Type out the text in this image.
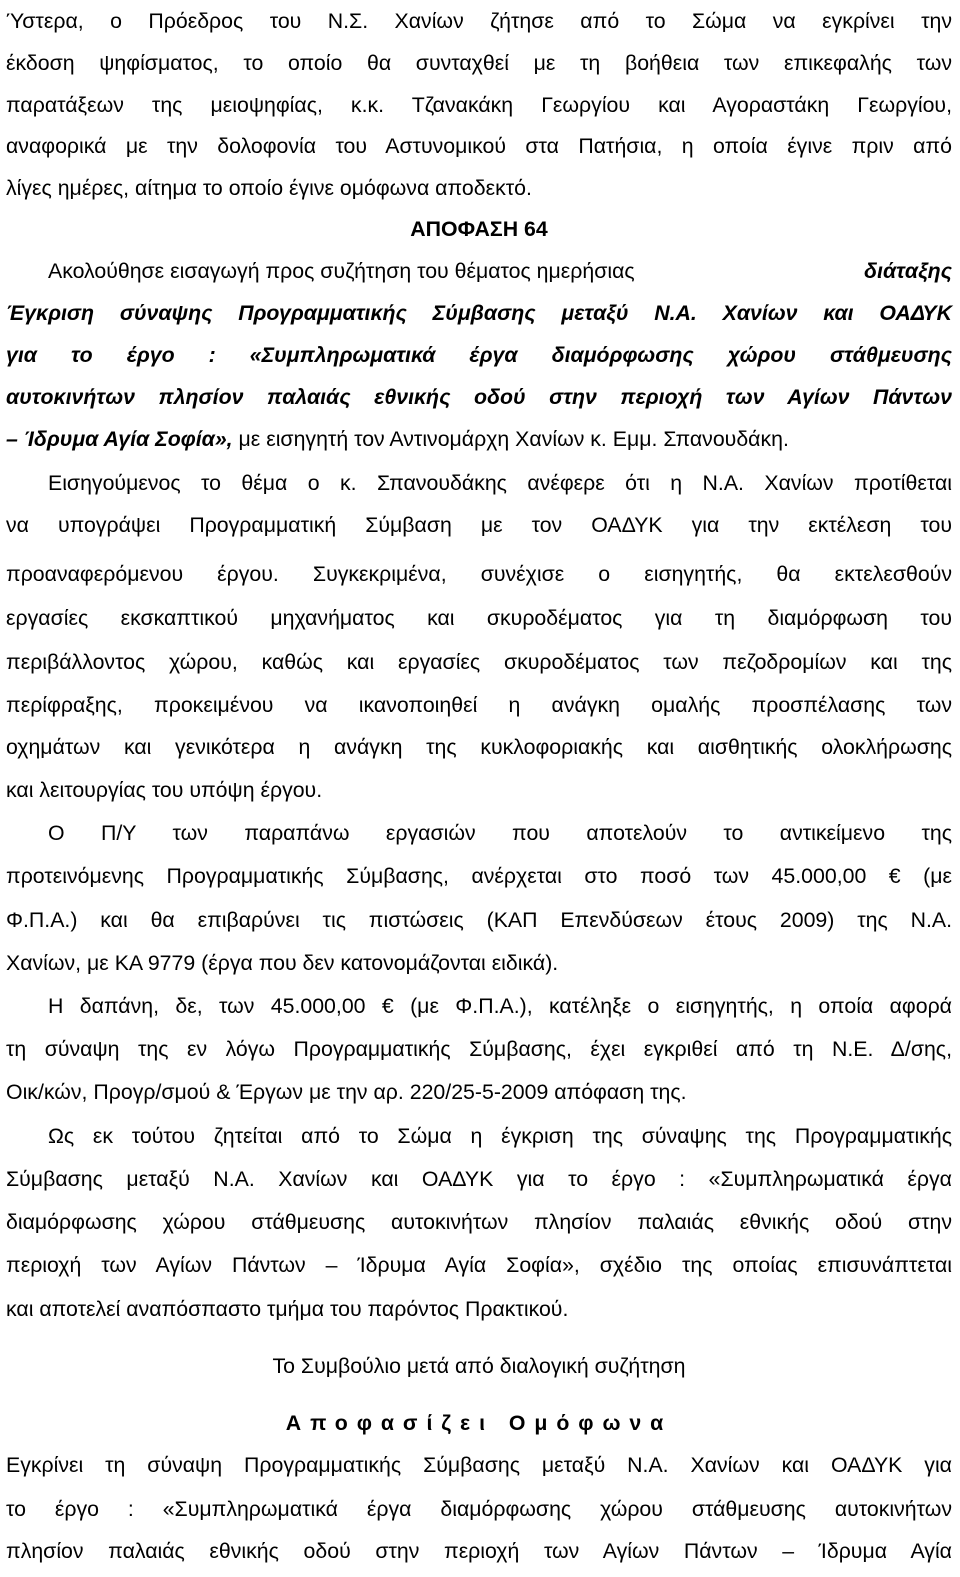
Ύστερα, ο Πρόεδρος του Ν.Σ. Χανίων ζήτησε από το Σώμα να εγκρίνει την
έκδοση ψηφίσματος, το οποίο θα συνταχθεί με τη βοήθεια των επικεφαλής των
παρατάξεων της μειοψηφίας, κ.κ. Τζανακάκη Γεωργίου και Αγοραστάκη Γεωργίου,
αναφορικά με την δολοφονία του Αστυνομικού στα Πατήσια, η οποία έγινε πριν από
λίγες ημέρες, αίτημα το οποίο έγινε ομόφωνα αποδεκτό.
ΑΠΟΦΑΣΗ 64
Ακολούθησε εισαγωγή προς συζήτηση του θέματος ημερήσιας	διάταξης
Έγκριση σύναψης Προγραμματικής Σύμβασης μεταξύ Ν.Α. Χανίων και ΟΑΔΥΚ
για το έργο : «Συμπληρωματικά έργα διαμόρφωσης χώρου στάθμευσης
αυτοκινήτων πλησίον παλαιάς εθνικής οδού στην περιοχή των Αγίων Πάντων
– Ίδρυμα Αγία Σοφία», με εισηγητή τον Αντινομάρχη Χανίων κ. Εμμ. Σπανουδάκη.
Εισηγούμενος το θέμα ο κ. Σπανουδάκης ανέφερε ότι η Ν.Α. Χανίων προτίθεται
να υπογράψει Προγραμματική Σύμβαση με τον ΟΑΔΥΚ για την εκτέλεση του
προαναφερόμενου έργου. Συγκεκριμένα, συνέχισε ο εισηγητής, θα εκτελεσθούν
εργασίες εκσκαπτικού μηχανήματος και σκυροδέματος για τη διαμόρφωση του
περιβάλλοντος χώρου, καθώς και εργασίες σκυροδέματος των πεζοδρομίων και της
περίφραξης, προκειμένου να ικανοποιηθεί η ανάγκη ομαλής προσπέλασης των
οχημάτων και γενικότερα η ανάγκη της κυκλοφοριακής και αισθητικής ολοκλήρωσης
και λειτουργίας του υπόψη έργου.
Ο Π/Υ των παραπάνω εργασιών που αποτελούν το αντικείμενο της
προτεινόμενης Προγραμματικής Σύμβασης, ανέρχεται στο ποσό των 45.000,00 € (με
Φ.Π.Α.) και θα επιβαρύνει τις πιστώσεις (ΚΑΠ Επενδύσεων έτους 2009) της Ν.Α.
Χανίων, με ΚΑ 9779 (έργα που δεν κατονομάζονται ειδικά).
Η δαπάνη, δε, των 45.000,00 € (με Φ.Π.Α.), κατέληξε ο εισηγητής, η οποία αφορά
τη σύναψη της εν λόγω Προγραμματικής Σύμβασης, έχει εγκριθεί από τη Ν.Ε. Δ/σης,
Οικ/κών, Προγρ/σμού & Έργων με την αρ. 220/25-5-2009 απόφαση της.
Ως εκ τούτου ζητείται από το Σώμα η έγκριση της σύναψης της Προγραμματικής
Σύμβασης μεταξύ Ν.Α. Χανίων και ΟΑΔΥΚ για το έργο : «Συμπληρωματικά έργα
διαμόρφωσης χώρου στάθμευσης αυτοκινήτων πλησίον παλαιάς εθνικής οδού στην
περιοχή των Αγίων Πάντων – Ίδρυμα Αγία Σοφία», σχέδιο της οποίας επισυνάπτεται
και αποτελεί αναπόσπαστο τμήμα του παρόντος Πρακτικού.
Το Συμβούλιο μετά από διαλογική συζήτηση
Αποφασίζει Ομόφωνα
Εγκρίνει τη σύναψη Προγραμματικής Σύμβασης μεταξύ Ν.Α. Χανίων και ΟΑΔΥΚ για
το έργο : «Συμπληρωματικά έργα διαμόρφωσης χώρου στάθμευσης αυτοκινήτων
πλησίον παλαιάς εθνικής οδού στην περιοχή των Αγίων Πάντων – Ίδρυμα Αγία
